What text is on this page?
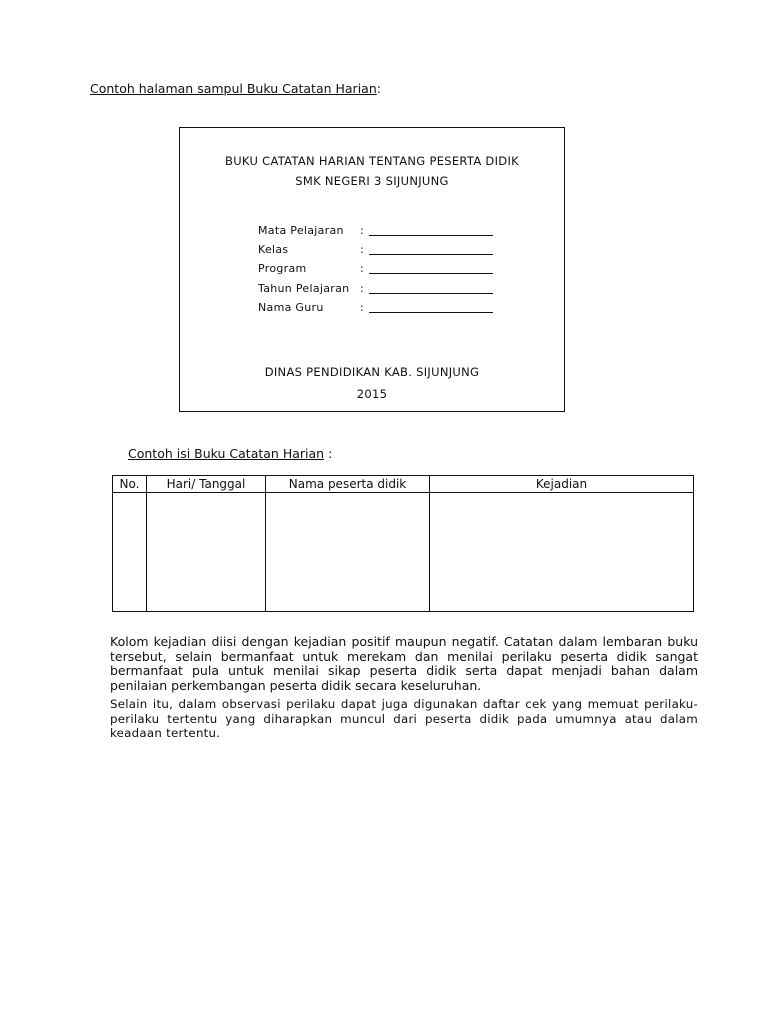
Contoh halaman sampul Buku Catatan Harian:
BUKU CATATAN HARIAN TENTANG PESERTA DIDIK
SMK NEGERI 3 SIJUNJUNG
Mata Pelajaran	:
Kelas	:
Program	:
Tahun Pelajaran :
Nama Guru	:
DINAS PENDIDIKAN KAB. SIJUNJUNG
2015
Contoh isi Buku Catatan Harian :
No.	Hari/ Tanggal	Nama peserta didik	Kejadian

Kolom kejadian diisi dengan kejadian positif maupun negatif. Catatan dalam lembaran buku tersebut, selain bermanfaat untuk merekam dan menilai perilaku peserta didik sangat bermanfaat pula untuk menilai sikap peserta didik serta dapat menjadi bahan dalam penilaian perkembangan peserta didik secara keseluruhan.
Selain itu, dalam observasi perilaku dapat juga digunakan daftar cek yang memuat perilaku-perilaku tertentu yang diharapkan muncul dari peserta didik pada umumnya atau dalam keadaan tertentu.
